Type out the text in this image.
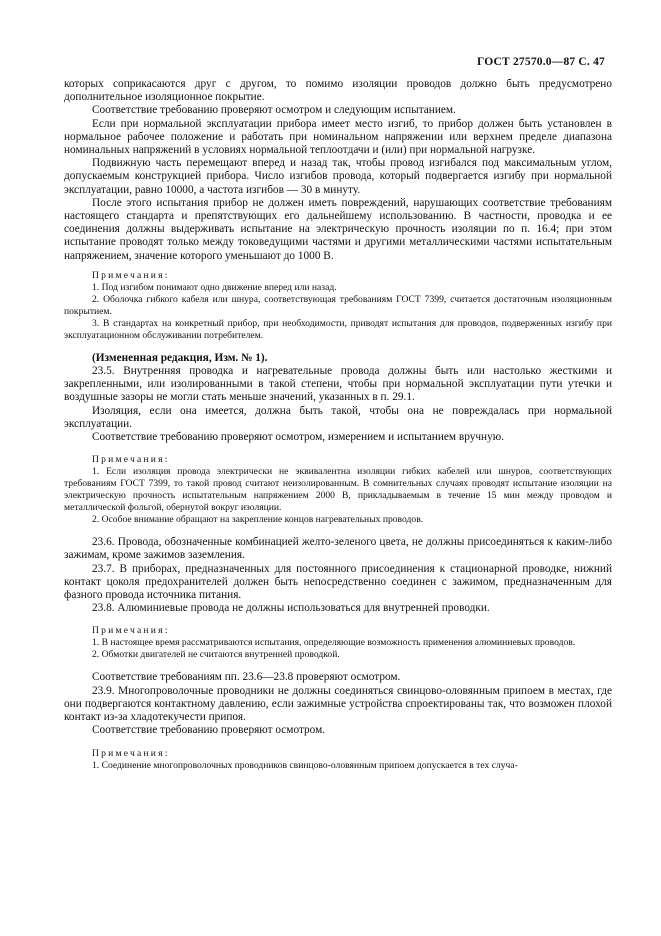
ГОСТ 27570.0—87 С. 47

которых соприкасаются друг с другом, то помимо изоляции проводов должно быть предусмотрено дополнительное изоляционное покрытие.

Соответствие требованию проверяют осмотром и следующим испытанием.

Если при нормальной эксплуатации прибора имеет место изгиб, то прибор должен быть установлен в нормальное рабочее положение и работать при номинальном напряжении или верхнем пределе диапазона номинальных напряжений в условиях нормальной теплоотдачи и (или) при нормальной нагрузке.

Подвижную часть перемещают вперед и назад так, чтобы провод изгибался под максимальным углом, допускаемым конструкцией прибора. Число изгибов провода, который подвергается изгибу при нормальной эксплуатации, равно 10000, а частота изгибов — 30 в минуту.

После этого испытания прибор не должен иметь повреждений, нарушающих соответствие требованиям настоящего стандарта и препятствующих его дальнейшему использованию. В частности, проводка и ее соединения должны выдерживать испытание на электрическую прочность изоляции по п. 16.4; при этом испытание проводят только между токоведущими частями и другими металлическими частями испытательным напряжением, значение которого уменьшают до 1000 В.

Примечания:

1. Под изгибом понимают одно движение вперед или назад.

2. Оболочка гибкого кабеля или шнура, соответствующая требованиям ГОСТ 7399, считается достаточным изоляционным покрытием.

3. В стандартах на конкретный прибор, при необходимости, приводят испытания для проводов, подверженных изгибу при эксплуатационном обслуживании потребителем.

(Измененная редакция, Изм. № 1).

23.5. Внутренняя проводка и нагревательные провода должны быть или настолько жесткими и закрепленными, или изолированными в такой степени, чтобы при нормальной эксплуатации пути утечки и воздушные зазоры не могли стать меньше значений, указанных в п. 29.1.

Изоляция, если она имеется, должна быть такой, чтобы она не повреждалась при нормальной эксплуатации.

Соответствие требованию проверяют осмотром, измерением и испытанием вручную.

Примечания:

1. Если изоляция провода электрически не эквивалентна изоляции гибких кабелей или шнуров, соответствующих требованиям ГОСТ 7399, то такой провод считают неизолированным. В сомнительных случаях проводят испытание изоляции на электрическую прочность испытательным напряжением 2000 В, прикладываемым в течение 15 мин между проводом и металлической фольгой, обернутой вокруг изоляции.

2. Особое внимание обращают на закрепление концов нагревательных проводов.

23.6. Провода, обозначенные комбинацией желто-зеленого цвета, не должны присоединяться к каким-либо зажимам, кроме зажимов заземления.

23.7. В приборах, предназначенных для постоянного присоединения к стационарной проводке, нижний контакт цоколя предохранителей должен быть непосредственно соединен с зажимом, предназначенным для фазного провода источника питания.

23.8. Алюминиевые провода не должны использоваться для внутренней проводки.

Примечания:

1. В настоящее время рассматриваются испытания, определяющие возможность применения алюминиевых проводов.

2. Обмотки двигателей не считаются внутренней проводкой.

Соответствие требованиям пп. 23.6—23.8 проверяют осмотром.

23.9. Многопроволочные проводники не должны соединяться свинцово-оловянным припоем в местах, где они подвергаются контактному давлению, если зажимные устройства спроектированы так, что возможен плохой контакт из-за хладотекучести припоя.

Соответствие требованию проверяют осмотром.

Примечания:

1. Соединение многопроволочных проводников свинцово-оловянным припоем допускается в тех случа-
